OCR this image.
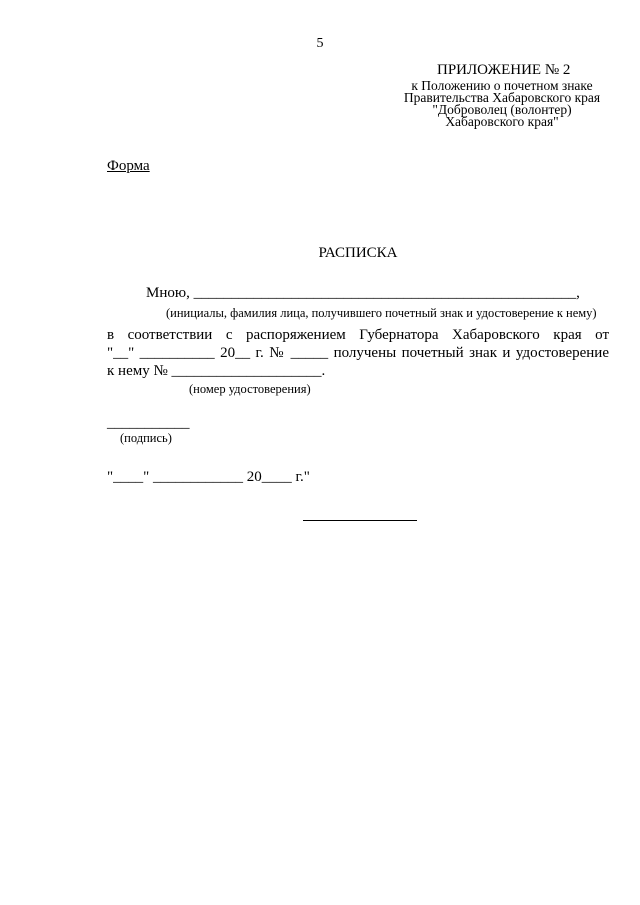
5
ПРИЛОЖЕНИЕ № 2
к Положению о почетном знаке
Правительства Хабаровского края
"Доброволец (волонтер)
Хабаровского края"
Форма
РАСПИСКА
Мною, ___________________________________________________,
(инициалы, фамилия лица, получившего почетный знак и удостоверение к нему)
в соответствии с распоряжением Губернатора Хабаровского края от
"__" __________ 20__ г. № _____ получены почетный знак и удостоверение
к нему № ____________________.
(номер удостоверения)
___________
(подпись)
"____" ____________ 20____ г."
